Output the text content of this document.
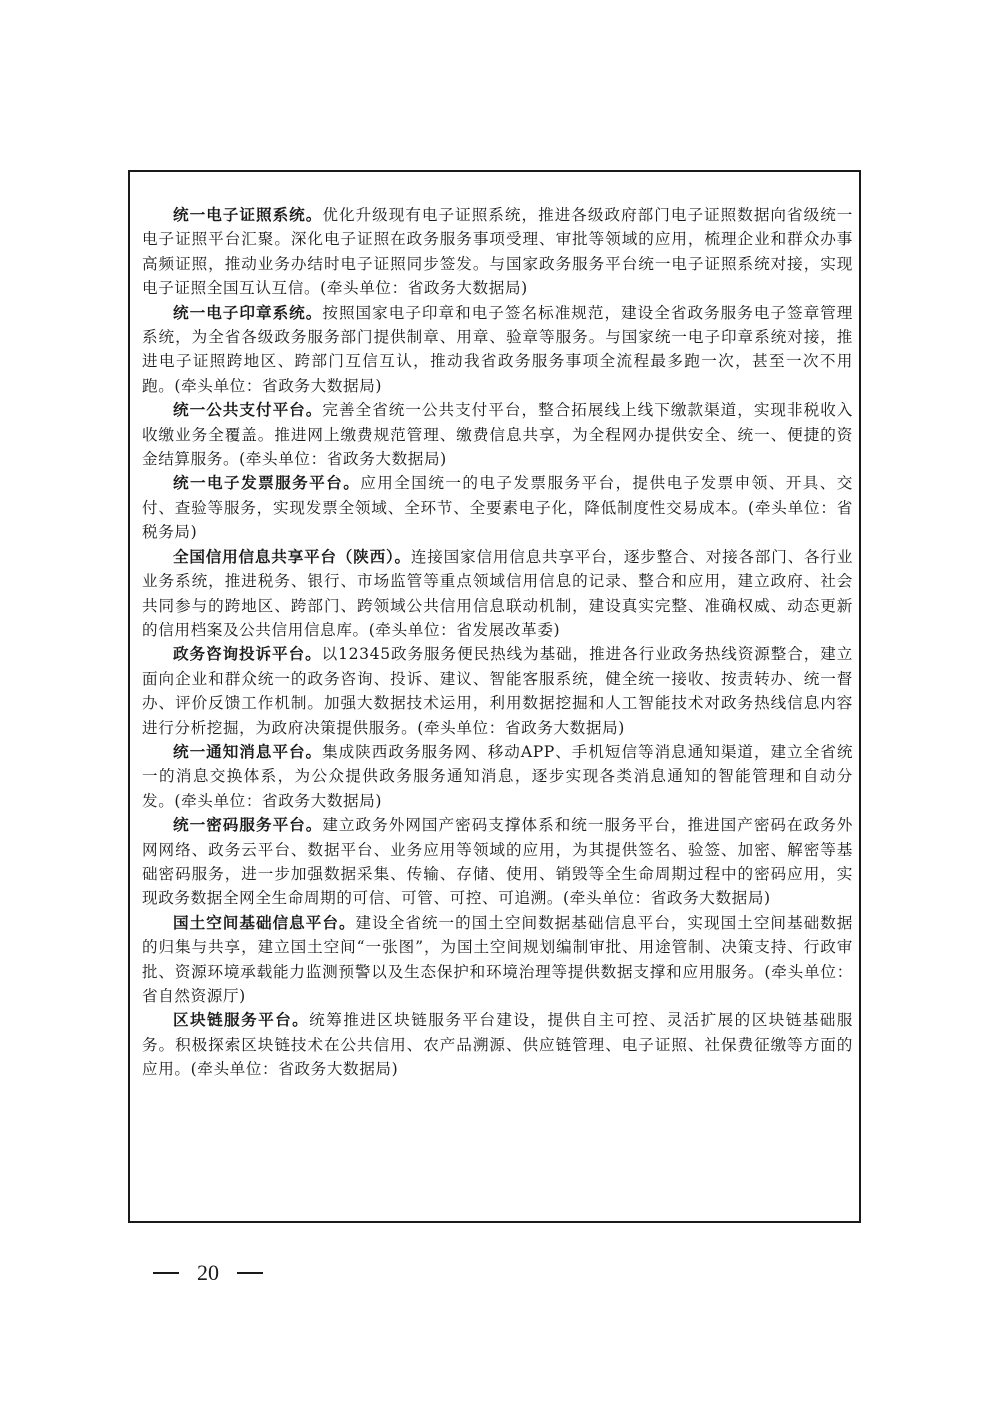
统一电子证照系统。优化升级现有电子证照系统，推进各级政府部门电子证照数据向省级统一电子证照平台汇聚。深化电子证照在政务服务事项受理、审批等领域的应用，梳理企业和群众办事高频证照，推动业务办结时电子证照同步签发。与国家政务服务平台统一电子证照系统对接，实现电子证照全国互认互信。(牵头单位：省政务大数据局)

统一电子印章系统。按照国家电子印章和电子签名标准规范，建设全省政务服务电子签章管理系统，为全省各级政务服务部门提供制章、用章、验章等服务。与国家统一电子印章系统对接，推进电子证照跨地区、跨部门互信互认，推动我省政务服务事项全流程最多跑一次，甚至一次不用跑。(牵头单位：省政务大数据局)

统一公共支付平台。完善全省统一公共支付平台，整合拓展线上线下缴款渠道，实现非税收入收缴业务全覆盖。推进网上缴费规范管理、缴费信息共享，为全程网办提供安全、统一、便捷的资金结算服务。(牵头单位：省政务大数据局)

统一电子发票服务平台。应用全国统一的电子发票服务平台，提供电子发票申领、开具、交付、查验等服务，实现发票全领域、全环节、全要素电子化，降低制度性交易成本。(牵头单位：省税务局)

全国信用信息共享平台（陕西）。连接国家信用信息共享平台，逐步整合、对接各部门、各行业业务系统，推进税务、银行、市场监管等重点领域信用信息的记录、整合和应用，建立政府、社会共同参与的跨地区、跨部门、跨领域公共信用信息联动机制，建设真实完整、准确权威、动态更新的信用档案及公共信用信息库。(牵头单位：省发展改革委)

政务咨询投诉平台。以12345政务服务便民热线为基础，推进各行业政务热线资源整合，建立面向企业和群众统一的政务咨询、投诉、建议、智能客服系统，健全统一接收、按责转办、统一督办、评价反馈工作机制。加强大数据技术运用，利用数据挖掘和人工智能技术对政务热线信息内容进行分析挖掘，为政府决策提供服务。(牵头单位：省政务大数据局)

统一通知消息平台。集成陕西政务服务网、移动APP、手机短信等消息通知渠道，建立全省统一的消息交换体系，为公众提供政务服务通知消息，逐步实现各类消息通知的智能管理和自动分发。(牵头单位：省政务大数据局)

统一密码服务平台。建立政务外网国产密码支撑体系和统一服务平台，推进国产密码在政务外网网络、政务云平台、数据平台、业务应用等领域的应用，为其提供签名、验签、加密、解密等基础密码服务，进一步加强数据采集、传输、存储、使用、销毁等全生命周期过程中的密码应用，实现政务数据全网全生命周期的可信、可管、可控、可追溯。(牵头单位：省政务大数据局)

国土空间基础信息平台。建设全省统一的国土空间数据基础信息平台，实现国土空间基础数据的归集与共享，建立国土空间“一张图”，为国土空间规划编制审批、用途管制、决策支持、行政审批、资源环境承载能力监测预警以及生态保护和环境治理等提供数据支撑和应用服务。(牵头单位：省自然资源厅)

区块链服务平台。统筹推进区块链服务平台建设，提供自主可控、灵活扩展的区块链基础服务。积极探索区块链技术在公共信用、农产品溯源、供应链管理、电子证照、社保费征缴等方面的应用。(牵头单位：省政务大数据局)

20
